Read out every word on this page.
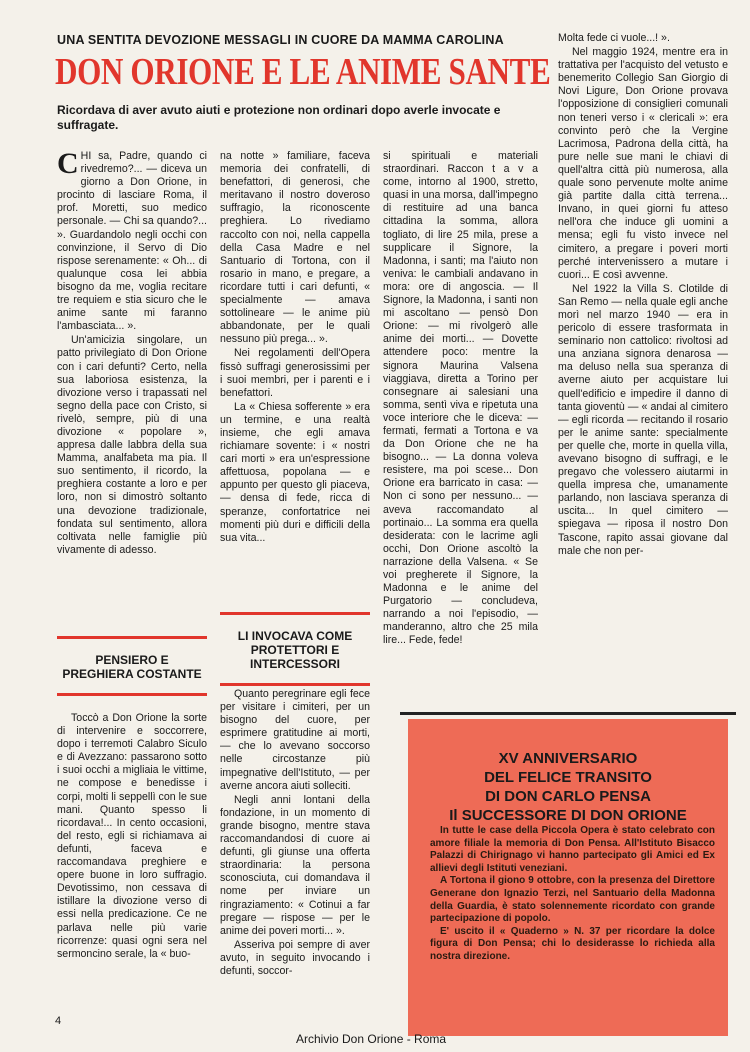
UNA SENTITA DEVOZIONE MESSAGLI IN CUORE DA MAMMA CAROLINA
DON ORIONE E LE ANIME SANTE
Ricordava di aver avuto aiuti e protezione non ordinari dopo averle invocate e suffragate.

CHI sa, Padre, quando ci rivedremo?... — diceva un giorno a Don Orione, in procinto di lasciare Roma, il prof. Moretti, suo medico personale. — Chi sa quando?... ». Guardandolo negli occhi con convinzione, il Servo di Dio rispose serenamente: « Oh... di qualunque cosa lei abbia bisogno da me, voglia recitare tre requiem e stia sicuro che le anime sante mi faranno l'ambasciata... ».

Un'amicizia singolare, un patto privilegiato di Don Orione con i cari defunti? Certo, nella sua laboriosa esistenza, la divozione verso i trapassati nel segno della pace con Cristo, si rivelò, sempre, più di una divozione « popolare », appresa dalle labbra della sua Mamma, analfabeta ma pia. Il suo sentimento, il ricordo, la preghiera costante a loro e per loro, non si dimostrò soltanto una devozione tradizionale, fondata sul sentimento, allora coltivata nelle famiglie più vivamente di adesso.

PENSIERO E PREGHIERA COSTANTE

Toccò a Don Orione la sorte di intervenire e soccorrere, dopo i terremoti Calabro Siculo e di Avezzano: passarono sotto i suoi occhi a migliaia le vittime, ne compose e benedisse i corpi, molti li seppellì con le sue mani. Quanto spesso li ricordava!... In cento occasioni, del resto, egli si richiamava ai defunti, faceva e raccomandava preghiere e opere buone in loro suffragio. Devotissimo, non cessava di istillare la divozione verso di essi nella predicazione. Ce ne parlava nelle più varie ricorrenze: quasi ogni sera nel sermoncino serale, la « buo-

na notte » familiare, faceva memoria dei confratelli, di benefattori, di generosi, che meritavano il nostro doveroso suffragio, la riconoscente preghiera. Lo rivediamo raccolto con noi, nella cappella della Casa Madre e nel Santuario di Tortona, con il rosario in mano, e pregare, a ricordare tutti i cari defunti, « specialmente — amava sottolineare — le anime più abbandonate, per le quali nessuno più prega... ».

Nei regolamenti dell'Opera fissò suffragi generosissimi per i suoi membri, per i parenti e i benefattori.

La « Chiesa sofferente » era un termine, e una realtà insieme, che egli amava richiamare sovente: i « nostri cari morti » era un'espressione affettuosa, popolana — e appunto per questo gli piaceva, — densa di fede, ricca di speranze, confortatrice nei momenti più duri e difficili della sua vita...

LI INVOCAVA COME PROTETTORI E INTERCESSORI

Quanto peregrinare egli fece per visitare i cimiteri, per un bisogno del cuore, per esprimere gratitudine ai morti, — che lo avevano soccorso nelle circostanze più impegnative dell'Istituto, — per averne ancora aiuti solleciti.

Negli anni lontani della fondazione, in un momento di grande bisogno, mentre stava raccomandandosi di cuore ai defunti, gli giunse una offerta straordinaria: la persona sconosciuta, cui domandava il nome per inviare un ringraziamento: « Cotinui a far pregare — rispose — per le anime dei poveri morti... ».

Asseriva poi sempre di aver avuto, in seguito invocando i defunti, soccor-

si spirituali e materiali straordinari. Raccon t a v a come, intorno al 1900, stretto, quasi in una morsa, dall'impegno di restituire ad una banca cittadina la somma, allora togliato, di lire 25 mila, prese a supplicare il Signore, la Madonna, i santi; ma l'aiuto non veniva: le cambiali andavano in mora: ore di angoscia. — Il Signore, la Madonna, i santi non mi ascoltano — pensò Don Orione: — mi rivolgerò alle anime dei morti... — Dovette attendere poco: mentre la signora Maurina Valsena viaggiava, diretta a Torino per consegnare ai salesiani una somma, sentì viva e ripetuta una voce interiore che le diceva: — fermati, fermati a Tortona e va da Don Orione che ne ha bisogno... — La donna voleva resistere, ma poi scese... Don Orione era barricato in casa: — Non ci sono per nessuno... — aveva raccomandato al portinaio... La somma era quella desiderata: con le lacrime agli occhi, Don Orione ascoltò la narrazione della Valsena. « Se voi pregherete il Signore, la Madonna e le anime del Purgatorio — concludeva, narrando a noi l'episodio, — manderanno, altro che 25 mila lire... Fede, fede!

Molta fede ci vuole...! ».

Nel maggio 1924, mentre era in trattativa per l'acquisto del vetusto e benemerito Collegio San Giorgio di Novi Ligure, Don Orione provava l'opposizione di consiglieri comunali non teneri verso i « clericali »: era convinto però che la Vergine Lacrimosa, Padrona della città, ha pure nelle sue mani le chiavi di quell'altra città più numerosa, alla quale sono pervenute molte anime già partite dalla città terrena... Invano, in quei giorni fu atteso nell'ora che induce gli uomini a mensa; egli fu visto invece nel cimitero, a pregare i poveri morti perché intervenissero a mutare i cuori... E così avvenne.

Nel 1922 la Villa S. Clotilde di San Remo — nella quale egli anche morì nel marzo 1940 — era in pericolo di essere trasformata in seminario non cattolico: rivoltosi ad una anziana signora denarosa — ma deluso nella sua speranza di averne aiuto per acquistare lui quell'edificio e impedire il danno di tanta gioventù — « andai al cimitero — egli ricorda — recitando il rosario per le anime sante: specialmente per quelle che, morte in quella villa, avevano bisogno di suffragi, e le pregavo che volessero aiutarmi in quella impresa che, umanamente parlando, non lasciava speranza di uscita... In quel cimitero — spiegava — riposa il nostro Don Tascone, rapito assai giovane dal male che non per-

XV ANNIVERSARIO
DEL FELICE TRANSITO
DI DON CARLO PENSA
Il SUCCESSORE DI DON ORIONE

In tutte le case della Piccola Opera è stato celebrato con amore filiale la memoria di Don Pensa. All'Istituto Bisacco Palazzi di Chirignago vi hanno partecipato gli Amici ed Ex allievi degli Istituti veneziani.

A Tortona il giono 9 ottobre, con la presenza del Direttore Generane don Ignazio Terzi, nel Santuario della Madonna della Guardia, è stato solennemente ricordato con grande partecipazione di popolo.

E' uscito il « Quaderno » N. 37 per ricordare la dolce figura di Don Pensa; chi lo desiderasse lo richieda alla nostra direzione.

4
Archivio Don Orione - Roma
